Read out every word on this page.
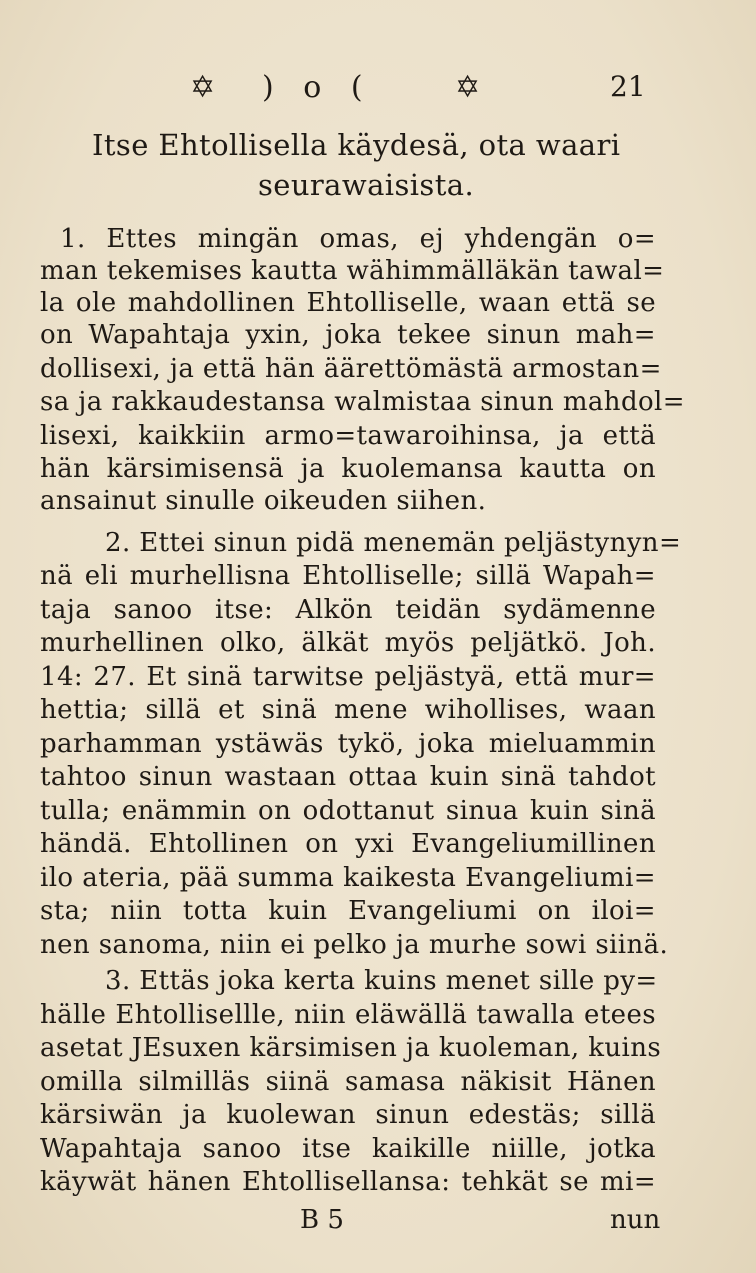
✡ ) o (	✡	21
Itse Ehtollisella käydesä, ota waari
seurawaisista.
1. Ettes mingän omas, ej yhdengän o=
man tekemises kautta wähimmälläkän tawal=
la ole mahdollinen Ehtolliselle, waan että se
on Wapahtaja yxin, joka tekee sinun mah=
dollisexi, ja että hän äärettömästä armostan=
sa ja rakkaudestansa walmistaa sinun mahdol=
lisexi, kaikkiin armo=tawaroihinsa, ja että
hän kärsimisensä ja kuolemansa kautta on
ansainut sinulle oikeuden siihen.
2. Ettei sinun pidä menemän peljästynyn=
nä eli murhellisna Ehtolliselle; sillä Wapah=
taja sanoo itse: Alkön teidän sydämenne
murhellinen olko, älkät myös peljätkö. Joh.
14: 27. Et sinä tarwitse peljästyä, että mur=
hettia; sillä et sinä mene wihollises, waan
parhamman ystäwäs tykö, joka mieluammin
tahtoo sinun wastaan ottaa kuin sinä tahdot
tulla; enämmin on odottanut sinua kuin sinä
händä. Ehtollinen on yxi Evangeliumillinen
ilo ateria, pää summa kaikesta Evangeliumi=
sta; niin totta kuin Evangeliumi on iloi=
nen sanoma, niin ei pelko ja murhe sowi siinä.
3. Ettäs joka kerta kuins menet sille py=
hälle Ehtollisellle, niin eläwällä tawalla etees
asetat JEsuxen kärsimisen ja kuoleman, kuins
omilla silmilläs siinä samasa näkisit Hänen
kärsiwän ja kuolewan sinun edestäs; sillä
Wapahtaja sanoo itse kaikille niille, jotka
käywät hänen Ehtollisellansa: tehkät se mi=
B 5	nun
